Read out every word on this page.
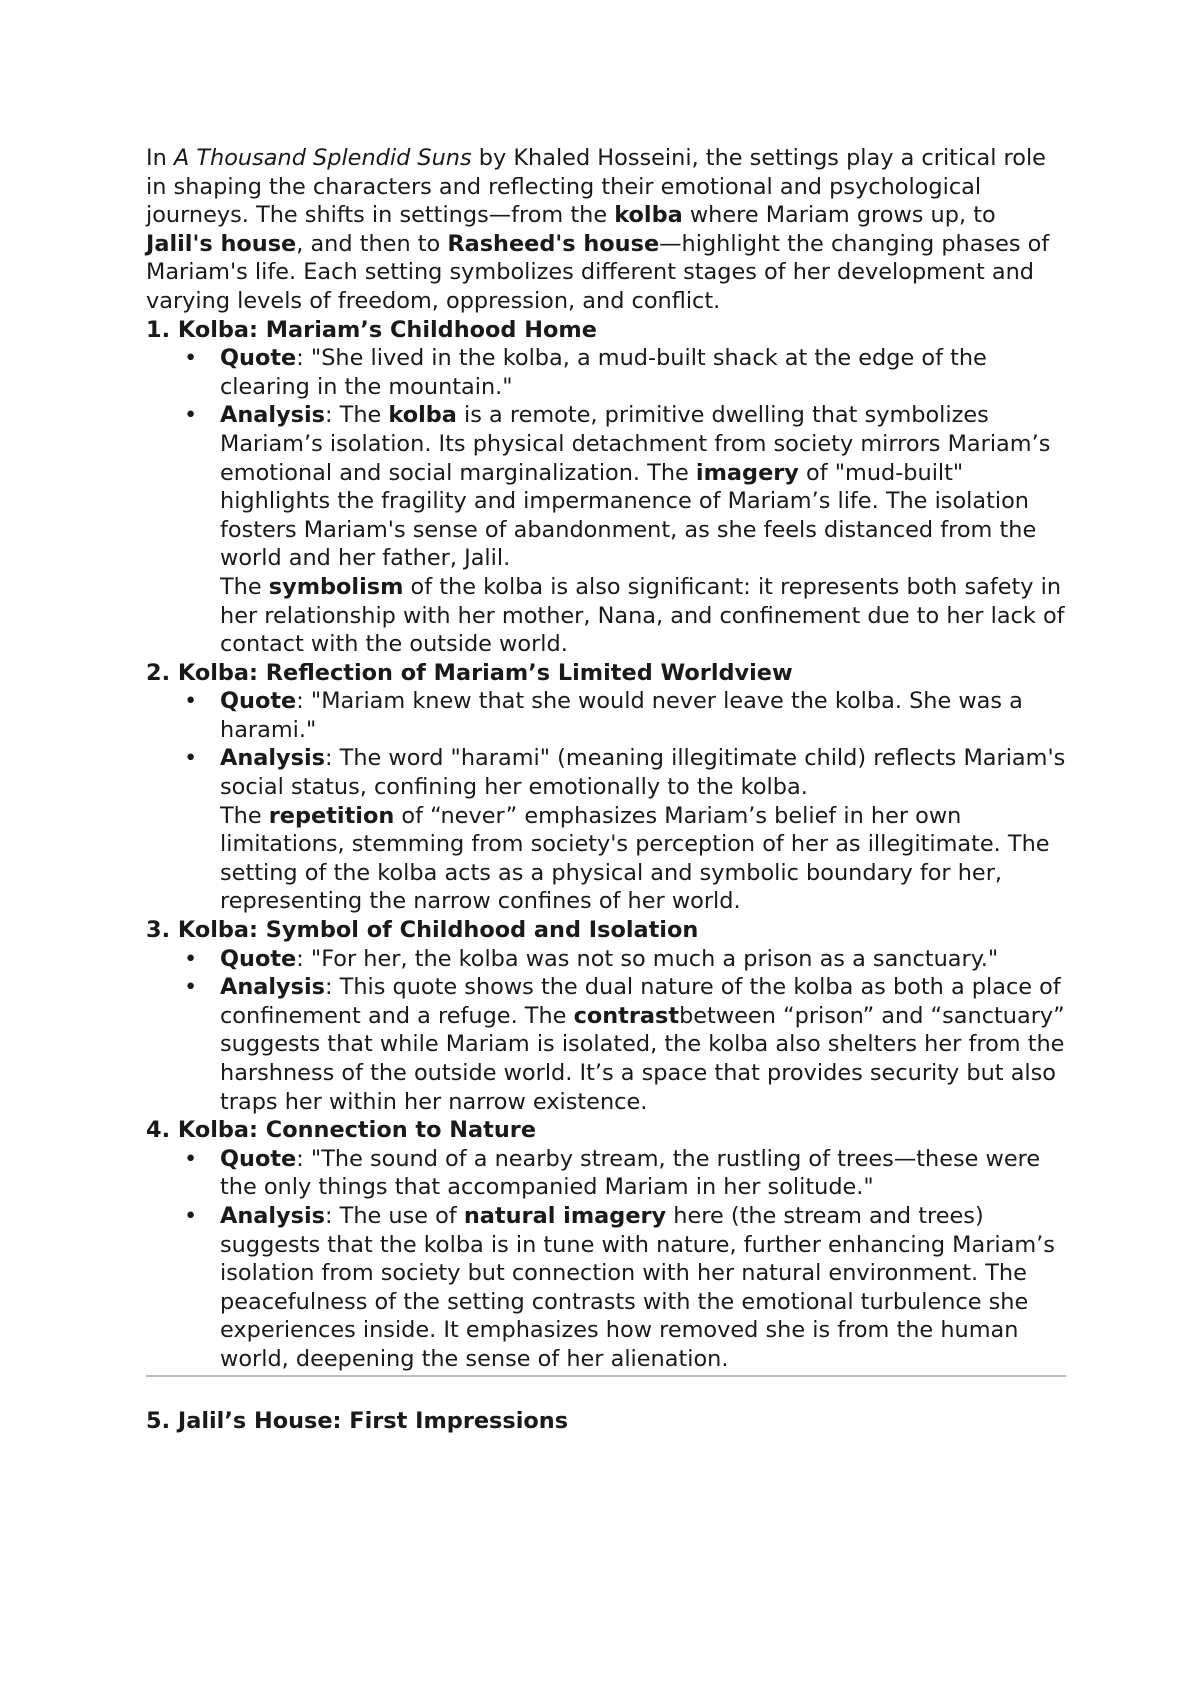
In A Thousand Splendid Suns by Khaled Hosseini, the settings play a critical role in shaping the characters and reflecting their emotional and psychological journeys. The shifts in settings—from the kolba where Mariam grows up, to Jalil's house, and then to Rasheed's house—highlight the changing phases of Mariam's life. Each setting symbolizes different stages of her development and varying levels of freedom, oppression, and conflict.

1. Kolba: Mariam’s Childhood Home
• Quote: "She lived in the kolba, a mud-built shack at the edge of the clearing in the mountain."
• Analysis: The kolba is a remote, primitive dwelling that symbolizes Mariam’s isolation. Its physical detachment from society mirrors Mariam’s emotional and social marginalization. The imagery of "mud-built" highlights the fragility and impermanence of Mariam’s life. The isolation fosters Mariam's sense of abandonment, as she feels distanced from the world and her father, Jalil.
The symbolism of the kolba is also significant: it represents both safety in her relationship with her mother, Nana, and confinement due to her lack of contact with the outside world.
2. Kolba: Reflection of Mariam’s Limited Worldview
• Quote: "Mariam knew that she would never leave the kolba. She was a harami."
• Analysis: The word "harami" (meaning illegitimate child) reflects Mariam's social status, confining her emotionally to the kolba.
The repetition of “never” emphasizes Mariam’s belief in her own limitations, stemming from society's perception of her as illegitimate. The setting of the kolba acts as a physical and symbolic boundary for her, representing the narrow confines of her world.
3. Kolba: Symbol of Childhood and Isolation
• Quote: "For her, the kolba was not so much a prison as a sanctuary."
• Analysis: This quote shows the dual nature of the kolba as both a place of confinement and a refuge. The contrastbetween “prison” and “sanctuary” suggests that while Mariam is isolated, the kolba also shelters her from the harshness of the outside world. It’s a space that provides security but also traps her within her narrow existence.
4. Kolba: Connection to Nature
• Quote: "The sound of a nearby stream, the rustling of trees—these were the only things that accompanied Mariam in her solitude."
• Analysis: The use of natural imagery here (the stream and trees) suggests that the kolba is in tune with nature, further enhancing Mariam’s isolation from society but connection with her natural environment. The peacefulness of the setting contrasts with the emotional turbulence she experiences inside. It emphasizes how removed she is from the human world, deepening the sense of her alienation.
5. Jalil’s House: First Impressions
